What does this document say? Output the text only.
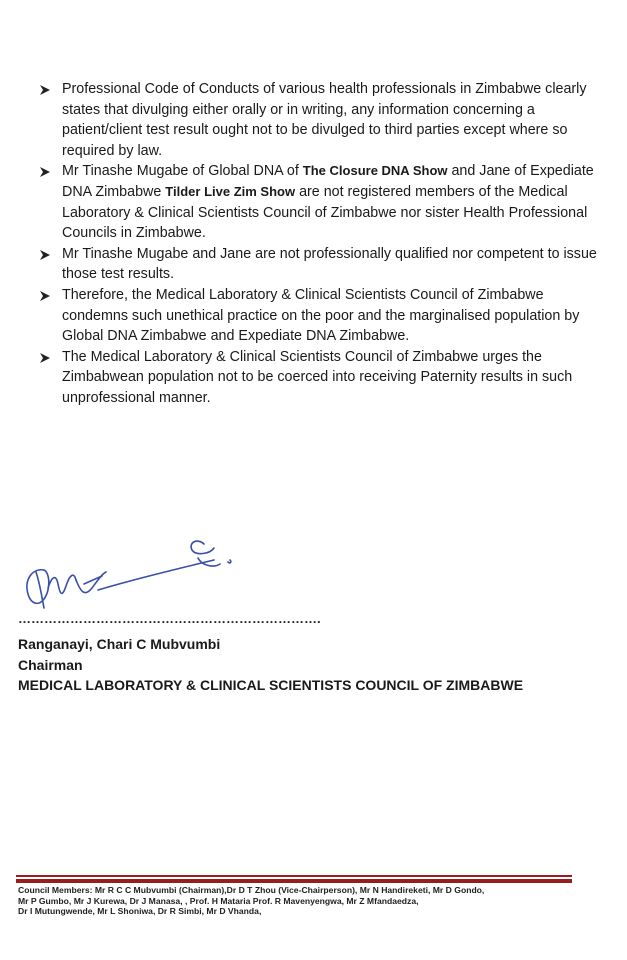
Professional Code of Conducts of various health professionals in Zimbabwe clearly states that divulging either orally or in writing, any information concerning a patient/client test result ought not to be divulged to third parties except where so required by law.
Mr Tinashe Mugabe of Global DNA of The Closure DNA Show and Jane of Expediate DNA Zimbabwe Tilder Live Zim Show are not registered members of the Medical Laboratory & Clinical Scientists Council of Zimbabwe nor sister Health Professional Councils in Zimbabwe.
Mr Tinashe Mugabe and Jane are not professionally qualified nor competent to issue those test results.
Therefore, the Medical Laboratory & Clinical Scientists Council of Zimbabwe condemns such unethical practice on the poor and the marginalised population by Global DNA Zimbabwe and Expediate DNA Zimbabwe.
The Medical Laboratory & Clinical Scientists Council of Zimbabwe urges the Zimbabwean population not to be coerced into receiving Paternity results in such unprofessional manner.
…………………………………………………………….
Ranganayi, Chari C Mubvumbi
Chairman
MEDICAL LABORATORY & CLINICAL SCIENTISTS COUNCIL OF ZIMBABWE
Council Members: Mr R C C Mubvumbi (Chairman),Dr D T Zhou (Vice-Chairperson), Mr N Handireketi, Mr D Gondo,
Mr P Gumbo, Mr J Kurewa, Dr J Manasa, , Prof. H Mataria Prof. R Mavenyengwa, Mr Z Mfandaedza,
Dr I Mutungwende, Mr L Shoniwa, Dr R Simbi, Mr D Vhanda,
